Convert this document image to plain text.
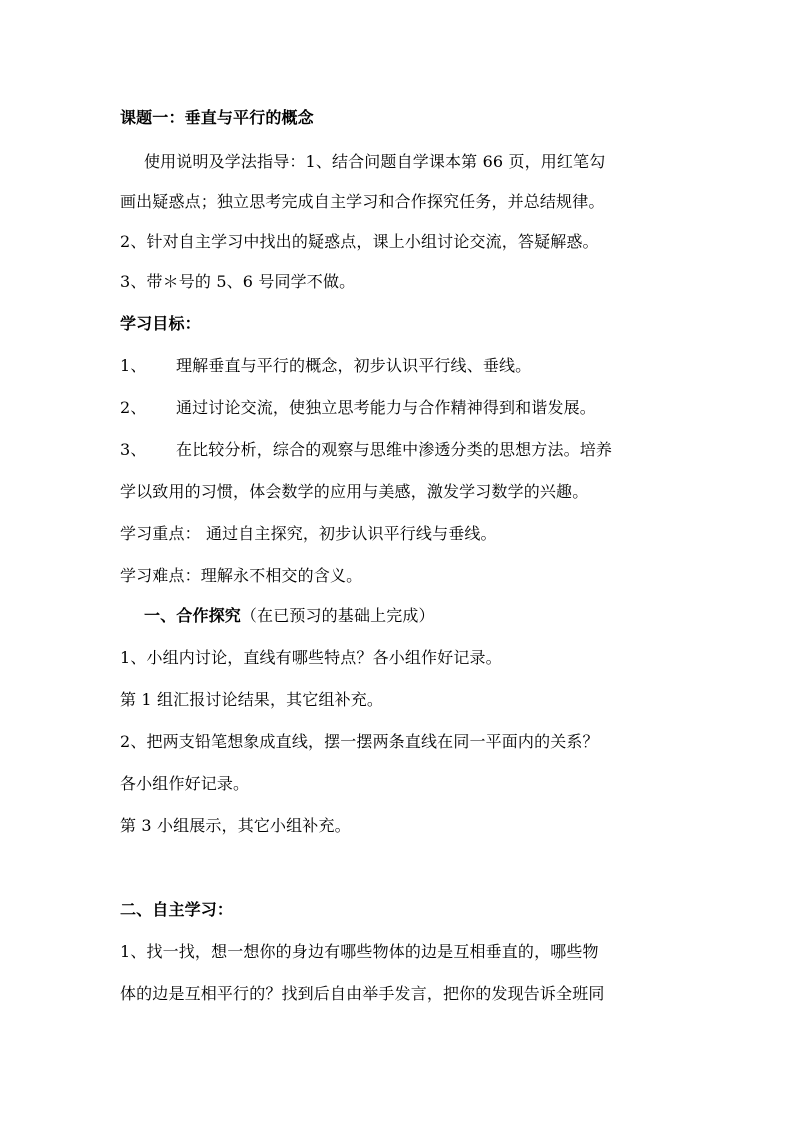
课题一：垂直与平行的概念
使用说明及学法指导：1、结合问题自学课本第 66 页，用红笔勾
画出疑惑点；独立思考完成自主学习和合作探究任务，并总结规律。
2、针对自主学习中找出的疑惑点，课上小组讨论交流，答疑解惑。
3、带＊号的 5、6 号同学不做。
学习目标：
1、 理解垂直与平行的概念，初步认识平行线、垂线。
2、 通过讨论交流，使独立思考能力与合作精神得到和谐发展。
3、 在比较分析，综合的观察与思维中渗透分类的思想方法。培养
学以致用的习惯，体会数学的应用与美感，激发学习数学的兴趣。
学习重点： 通过自主探究，初步认识平行线与垂线。
学习难点：理解永不相交的含义。
一、合作探究（在已预习的基础上完成）
1、小组内讨论，直线有哪些特点？各小组作好记录。
第 1 组汇报讨论结果，其它组补充。
2、把两支铅笔想象成直线，摆一摆两条直线在同一平面内的关系？
各小组作好记录。
第 3 小组展示，其它小组补充。
二、自主学习：
1、找一找，想一想你的身边有哪些物体的边是互相垂直的，哪些物
体的边是互相平行的？找到后自由举手发言，把你的发现告诉全班同
